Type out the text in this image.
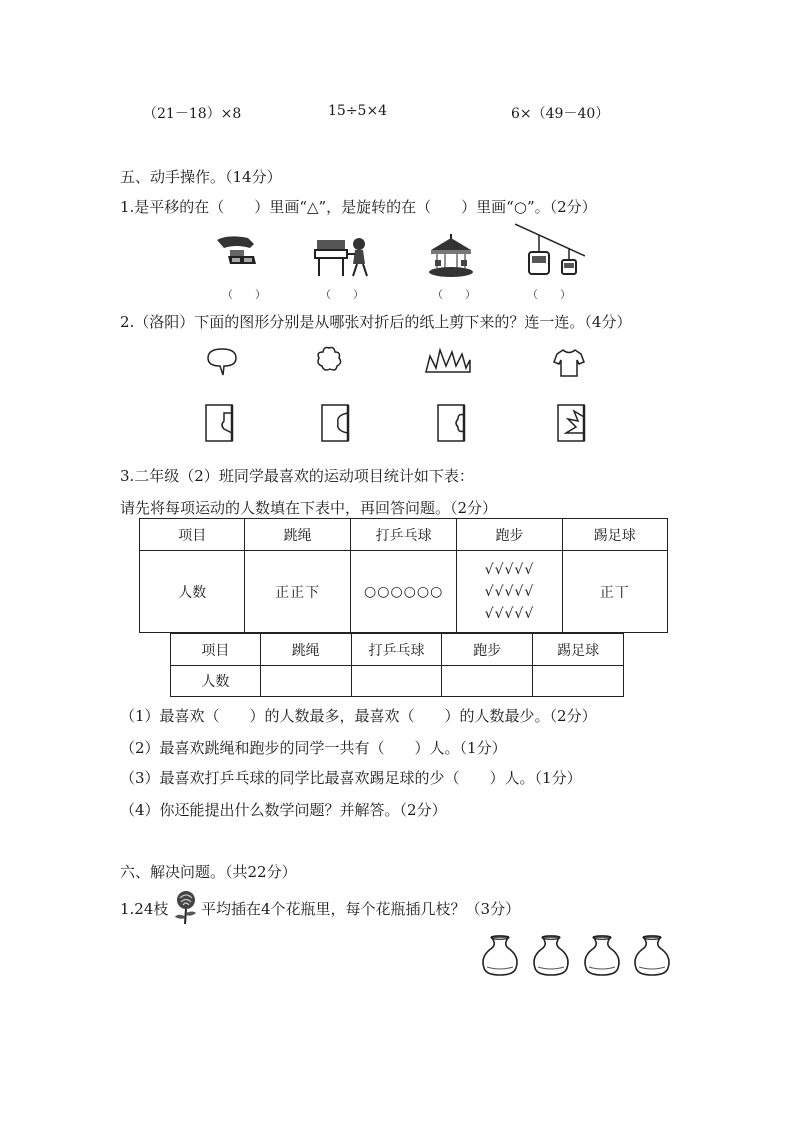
（21－18）×8	15÷5×4	6×（49－40）
五、动手操作。（14分）
1.是平移的在（　　）里画“△”，是旋转的在（　　）里画“○”。（2分）
（　　）	（　　）	（　　）	（　　）
2.（洛阳）下面的图形分别是从哪张对折后的纸上剪下来的？连一连。（4分）
3.二年级（2）班同学最喜欢的运动项目统计如下表：
请先将每项运动的人数填在下表中，再回答问题。（2分）
项目	跳绳	打乒乓球	跑步	踢足球
人数	正正下	○○○○○○	√√√√√
√√√√√
√√√√√	正丅
项目	跳绳	打乒乓球	跑步	踢足球
人数				
（1）最喜欢（　　）的人数最多，最喜欢（　　）的人数最少。（2分）
（2）最喜欢跳绳和跑步的同学一共有（　　）人。（1分）
（3）最喜欢打乒乓球的同学比最喜欢踢足球的少（　　）人。（1分）
（4）你还能提出什么数学问题？并解答。（2分）
六、解决问题。（共22分）
1.24枝 平均插在4个花瓶里，每个花瓶插几枝？（3分）
